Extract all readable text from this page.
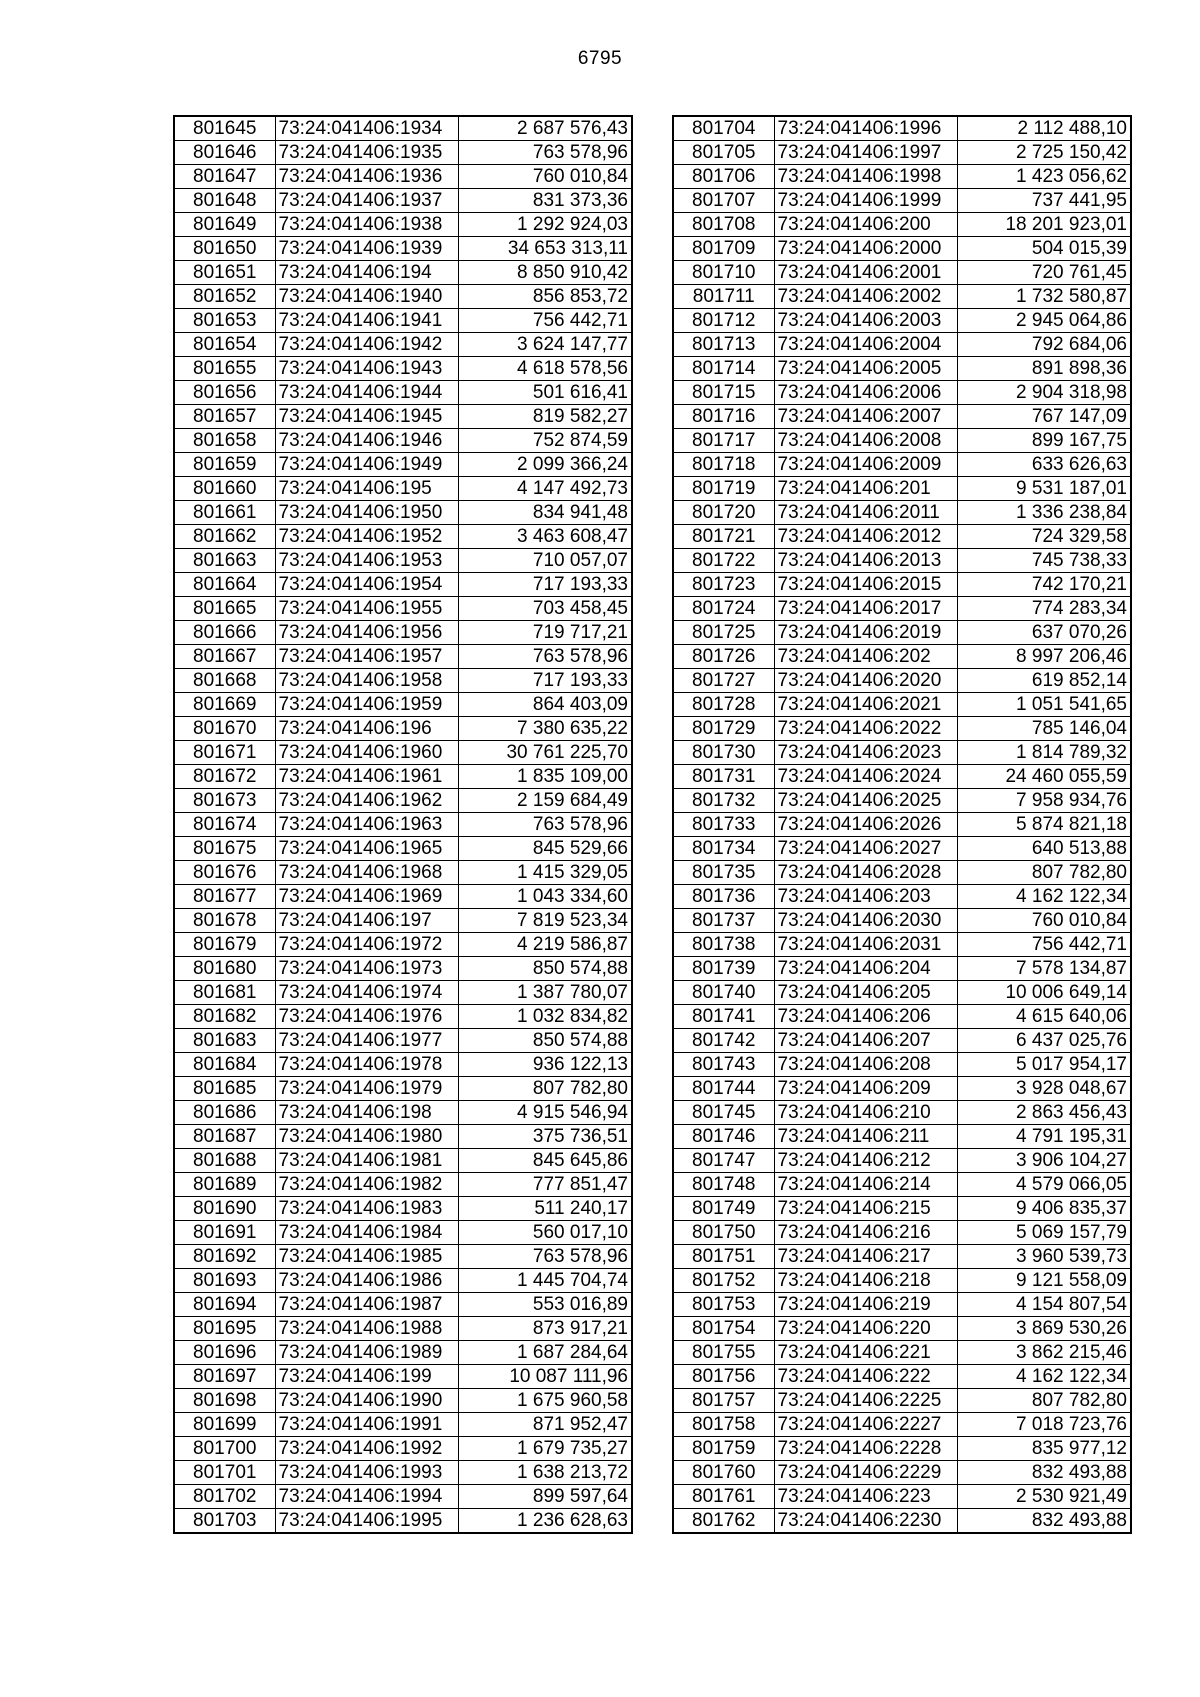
6795
801645	73:24:041406:1934	2 687 576,43
801646	73:24:041406:1935	763 578,96
801647	73:24:041406:1936	760 010,84
801648	73:24:041406:1937	831 373,36
801649	73:24:041406:1938	1 292 924,03
801650	73:24:041406:1939	34 653 313,11
801651	73:24:041406:194	8 850 910,42
801652	73:24:041406:1940	856 853,72
801653	73:24:041406:1941	756 442,71
801654	73:24:041406:1942	3 624 147,77
801655	73:24:041406:1943	4 618 578,56
801656	73:24:041406:1944	501 616,41
801657	73:24:041406:1945	819 582,27
801658	73:24:041406:1946	752 874,59
801659	73:24:041406:1949	2 099 366,24
801660	73:24:041406:195	4 147 492,73
801661	73:24:041406:1950	834 941,48
801662	73:24:041406:1952	3 463 608,47
801663	73:24:041406:1953	710 057,07
801664	73:24:041406:1954	717 193,33
801665	73:24:041406:1955	703 458,45
801666	73:24:041406:1956	719 717,21
801667	73:24:041406:1957	763 578,96
801668	73:24:041406:1958	717 193,33
801669	73:24:041406:1959	864 403,09
801670	73:24:041406:196	7 380 635,22
801671	73:24:041406:1960	30 761 225,70
801672	73:24:041406:1961	1 835 109,00
801673	73:24:041406:1962	2 159 684,49
801674	73:24:041406:1963	763 578,96
801675	73:24:041406:1965	845 529,66
801676	73:24:041406:1968	1 415 329,05
801677	73:24:041406:1969	1 043 334,60
801678	73:24:041406:197	7 819 523,34
801679	73:24:041406:1972	4 219 586,87
801680	73:24:041406:1973	850 574,88
801681	73:24:041406:1974	1 387 780,07
801682	73:24:041406:1976	1 032 834,82
801683	73:24:041406:1977	850 574,88
801684	73:24:041406:1978	936 122,13
801685	73:24:041406:1979	807 782,80
801686	73:24:041406:198	4 915 546,94
801687	73:24:041406:1980	375 736,51
801688	73:24:041406:1981	845 645,86
801689	73:24:041406:1982	777 851,47
801690	73:24:041406:1983	511 240,17
801691	73:24:041406:1984	560 017,10
801692	73:24:041406:1985	763 578,96
801693	73:24:041406:1986	1 445 704,74
801694	73:24:041406:1987	553 016,89
801695	73:24:041406:1988	873 917,21
801696	73:24:041406:1989	1 687 284,64
801697	73:24:041406:199	10 087 111,96
801698	73:24:041406:1990	1 675 960,58
801699	73:24:041406:1991	871 952,47
801700	73:24:041406:1992	1 679 735,27
801701	73:24:041406:1993	1 638 213,72
801702	73:24:041406:1994	899 597,64
801703	73:24:041406:1995	1 236 628,63
801704	73:24:041406:1996	2 112 488,10
801705	73:24:041406:1997	2 725 150,42
801706	73:24:041406:1998	1 423 056,62
801707	73:24:041406:1999	737 441,95
801708	73:24:041406:200	18 201 923,01
801709	73:24:041406:2000	504 015,39
801710	73:24:041406:2001	720 761,45
801711	73:24:041406:2002	1 732 580,87
801712	73:24:041406:2003	2 945 064,86
801713	73:24:041406:2004	792 684,06
801714	73:24:041406:2005	891 898,36
801715	73:24:041406:2006	2 904 318,98
801716	73:24:041406:2007	767 147,09
801717	73:24:041406:2008	899 167,75
801718	73:24:041406:2009	633 626,63
801719	73:24:041406:201	9 531 187,01
801720	73:24:041406:2011	1 336 238,84
801721	73:24:041406:2012	724 329,58
801722	73:24:041406:2013	745 738,33
801723	73:24:041406:2015	742 170,21
801724	73:24:041406:2017	774 283,34
801725	73:24:041406:2019	637 070,26
801726	73:24:041406:202	8 997 206,46
801727	73:24:041406:2020	619 852,14
801728	73:24:041406:2021	1 051 541,65
801729	73:24:041406:2022	785 146,04
801730	73:24:041406:2023	1 814 789,32
801731	73:24:041406:2024	24 460 055,59
801732	73:24:041406:2025	7 958 934,76
801733	73:24:041406:2026	5 874 821,18
801734	73:24:041406:2027	640 513,88
801735	73:24:041406:2028	807 782,80
801736	73:24:041406:203	4 162 122,34
801737	73:24:041406:2030	760 010,84
801738	73:24:041406:2031	756 442,71
801739	73:24:041406:204	7 578 134,87
801740	73:24:041406:205	10 006 649,14
801741	73:24:041406:206	4 615 640,06
801742	73:24:041406:207	6 437 025,76
801743	73:24:041406:208	5 017 954,17
801744	73:24:041406:209	3 928 048,67
801745	73:24:041406:210	2 863 456,43
801746	73:24:041406:211	4 791 195,31
801747	73:24:041406:212	3 906 104,27
801748	73:24:041406:214	4 579 066,05
801749	73:24:041406:215	9 406 835,37
801750	73:24:041406:216	5 069 157,79
801751	73:24:041406:217	3 960 539,73
801752	73:24:041406:218	9 121 558,09
801753	73:24:041406:219	4 154 807,54
801754	73:24:041406:220	3 869 530,26
801755	73:24:041406:221	3 862 215,46
801756	73:24:041406:222	4 162 122,34
801757	73:24:041406:2225	807 782,80
801758	73:24:041406:2227	7 018 723,76
801759	73:24:041406:2228	835 977,12
801760	73:24:041406:2229	832 493,88
801761	73:24:041406:223	2 530 921,49
801762	73:24:041406:2230	832 493,88
